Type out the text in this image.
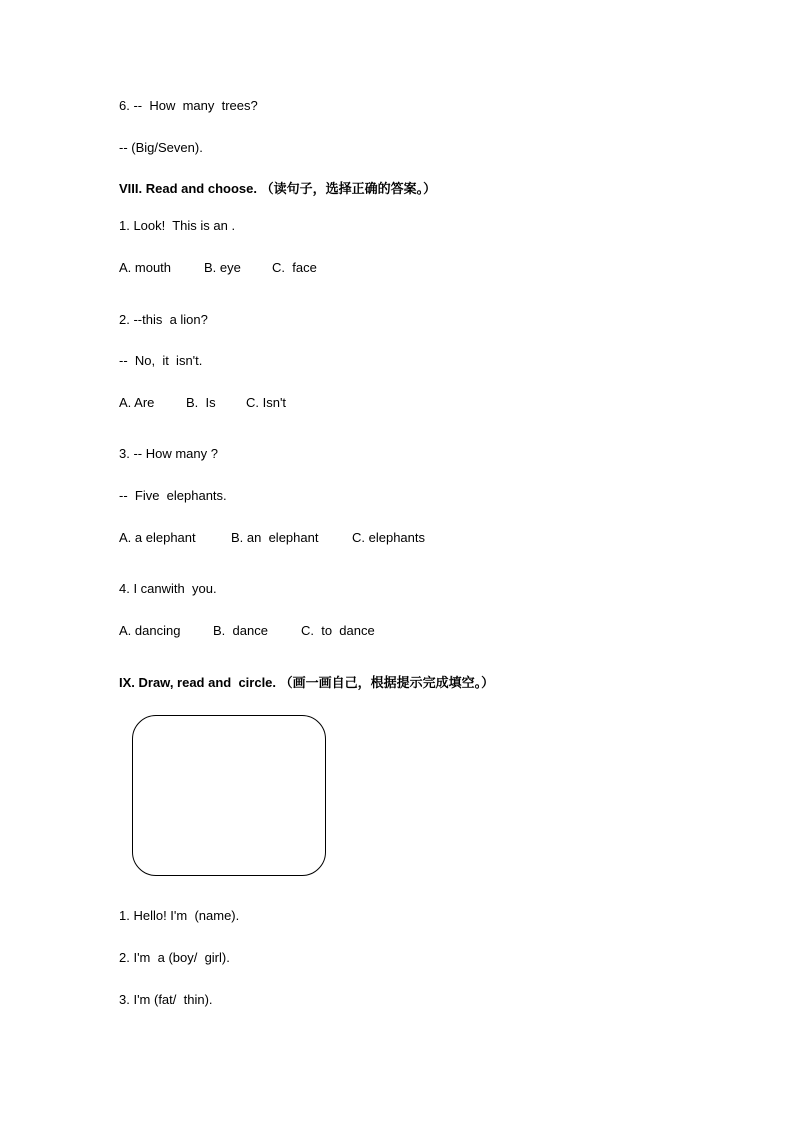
6. --  How  many  trees?
-- (Big/Seven).
VIII. Read and choose. （读句子，选择正确的答案。）
1. Look!  This is an .
A. mouth	B. eye C.  face
2. --this  a lion?
--  No,  it  isn't.
A. Are B.  Is C. Isn't
3. -- How many ?
--  Five  elephants.
A. a elephant	B. an  elephant	C. elephants
4. I canwith  you.
A. dancing	B.  dance	C.  to  dance
IX. Draw, read and  circle. （画一画自己，根据提示完成填空。）
1. Hello! I'm  (name).
2. I'm  a (boy/  girl).
3. I'm (fat/  thin).
